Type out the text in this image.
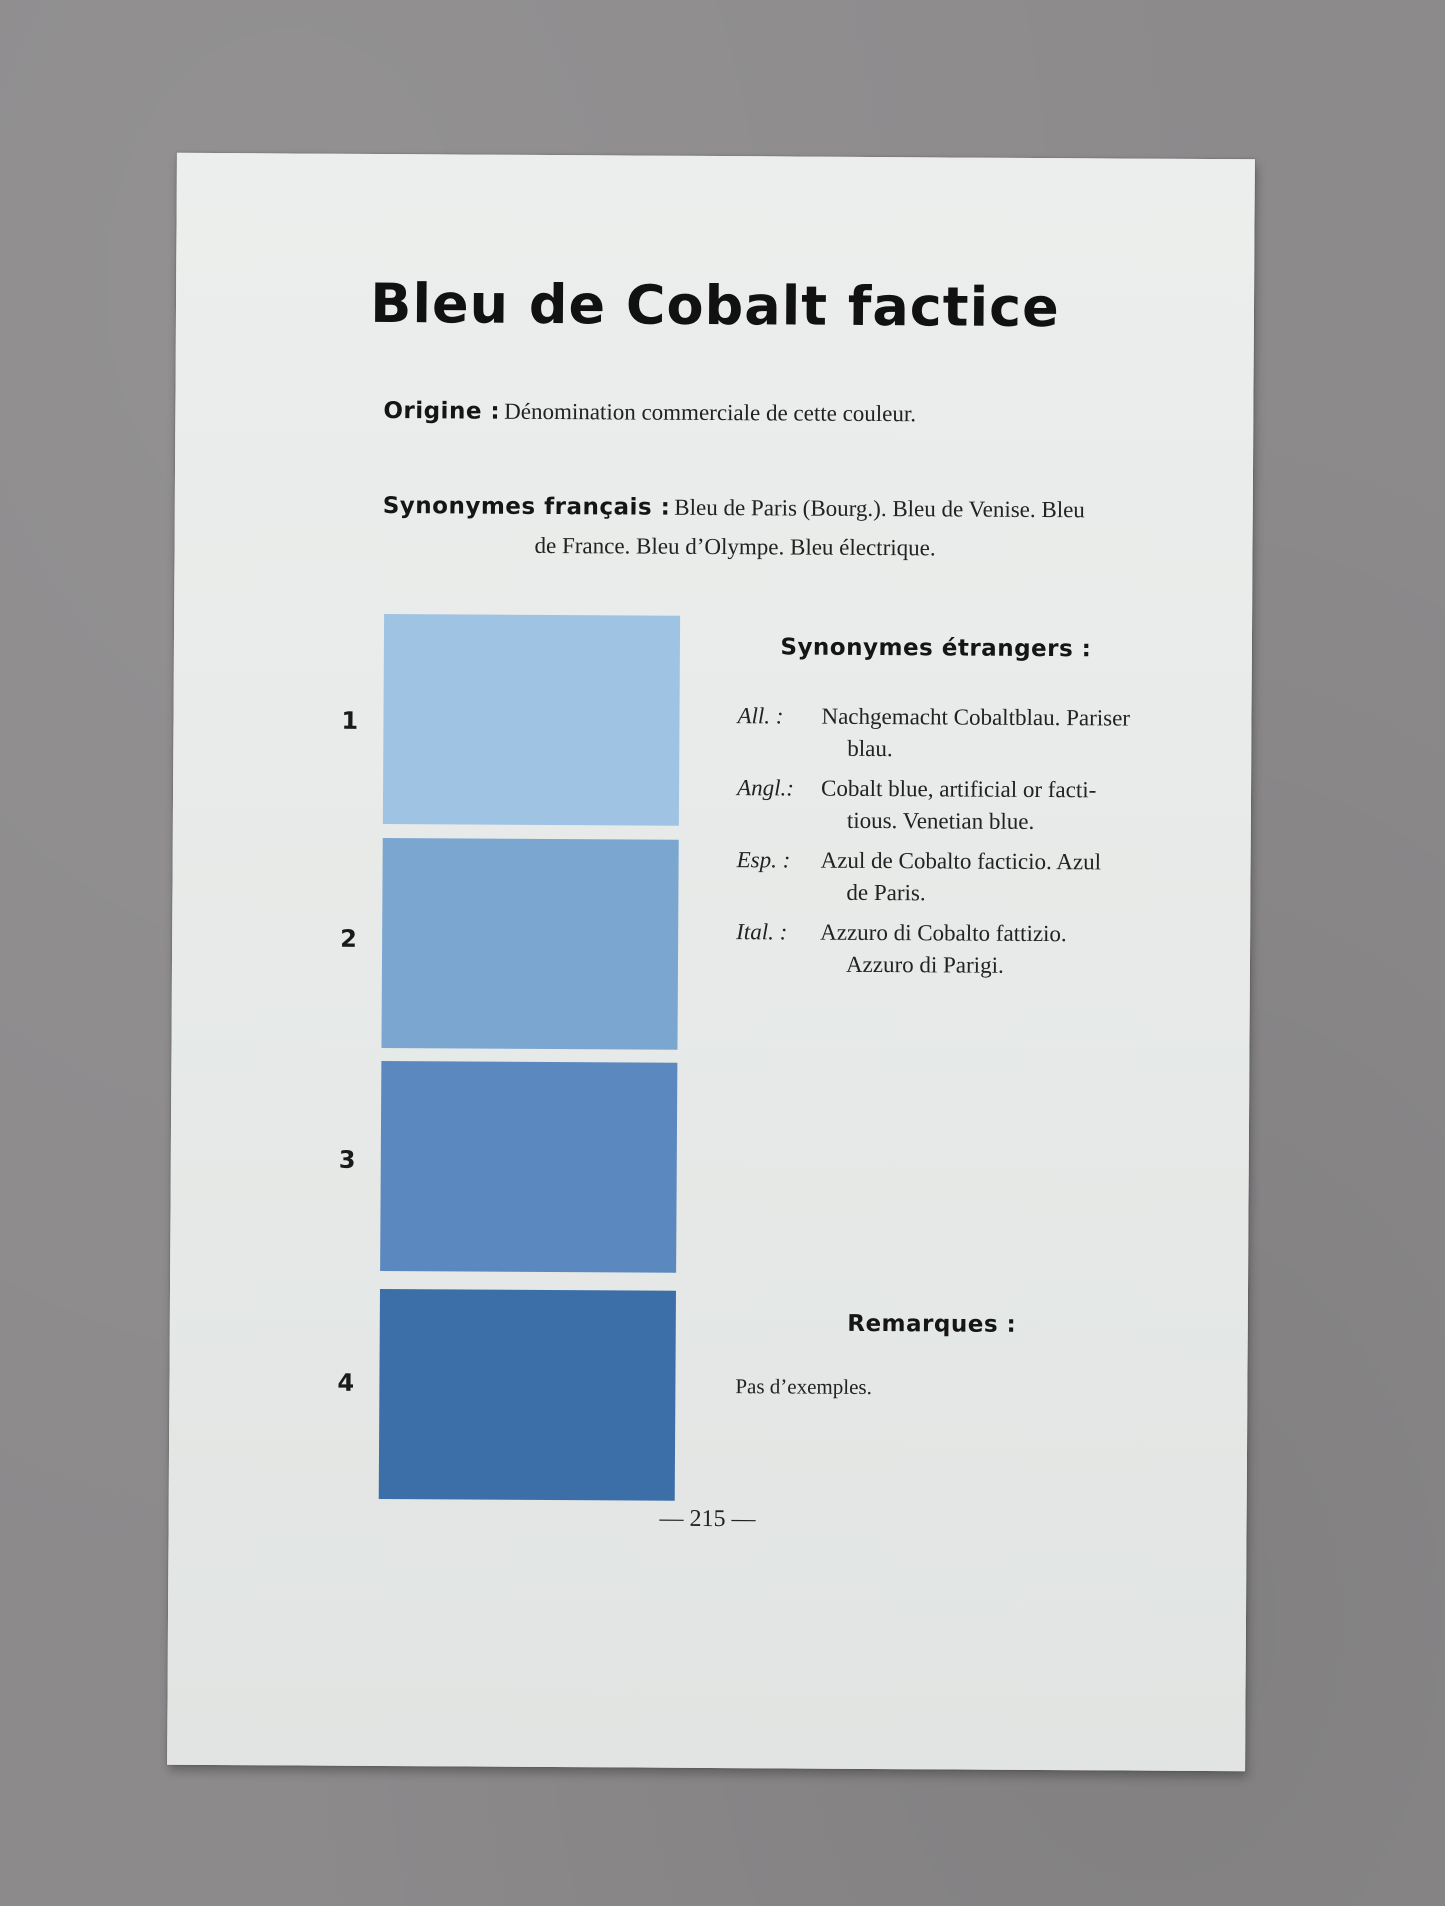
Bleu de Cobalt factice
Origine : Dénomination commerciale de cette couleur.
Synonymes français : Bleu de Paris (Bourg.). Bleu de Venise. Bleu
de France. Bleu d’Olympe. Bleu électrique.
1
2
3
4
Synonymes étrangers :
All. : Nachgemacht Cobaltblau. Pariser
blau.
Angl.: Cobalt blue, artificial or facti-
tious. Venetian blue.
Esp. : Azul de Cobalto facticio. Azul
de Paris.
Ital. : Azzuro di Cobalto fattizio.
Azzuro di Parigi.
Remarques :
Pas d’exemples.
— 215 —
